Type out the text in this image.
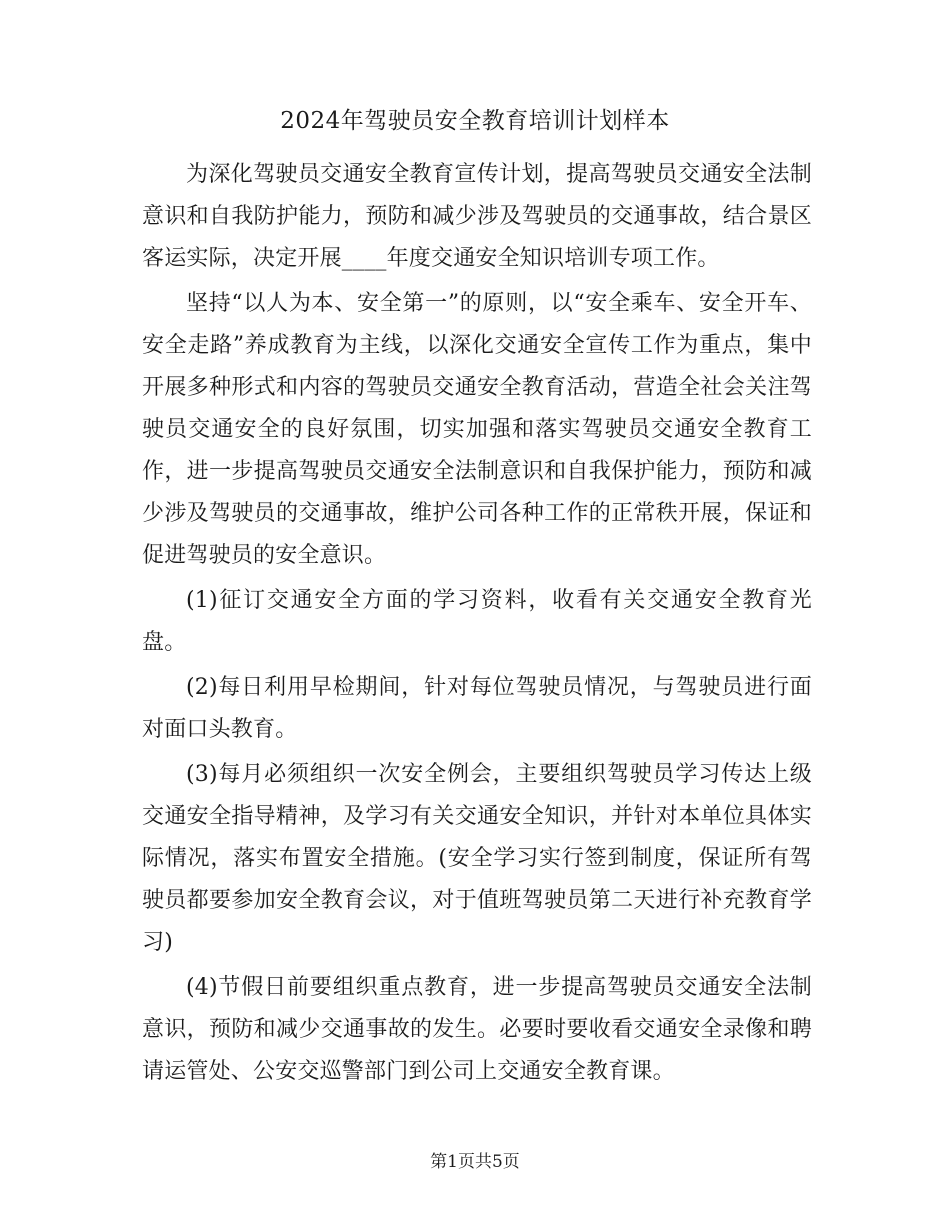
2024年驾驶员安全教育培训计划样本

为深化驾驶员交通安全教育宣传计划，提高驾驶员交通安全法制意识和自我防护能力，预防和减少涉及驾驶员的交通事故，结合景区客运实际，决定开展____年度交通安全知识培训专项工作。

坚持“以人为本、安全第一”的原则，以“安全乘车、安全开车、安全走路”养成教育为主线，以深化交通安全宣传工作为重点，集中开展多种形式和内容的驾驶员交通安全教育活动，营造全社会关注驾驶员交通安全的良好氛围，切实加强和落实驾驶员交通安全教育工作，进一步提高驾驶员交通安全法制意识和自我保护能力，预防和减少涉及驾驶员的交通事故，维护公司各种工作的正常秩开展，保证和促进驾驶员的安全意识。

(1)征订交通安全方面的学习资料，收看有关交通安全教育光盘。

(2)每日利用早检期间，针对每位驾驶员情况，与驾驶员进行面对面口头教育。

(3)每月必须组织一次安全例会，主要组织驾驶员学习传达上级交通安全指导精神，及学习有关交通安全知识，并针对本单位具体实际情况，落实布置安全措施。(安全学习实行签到制度，保证所有驾驶员都要参加安全教育会议，对于值班驾驶员第二天进行补充教育学习)

(4)节假日前要组织重点教育，进一步提高驾驶员交通安全法制意识，预防和减少交通事故的发生。必要时要收看交通安全录像和聘请运管处、公安交巡警部门到公司上交通安全教育课。

第1页共5页
